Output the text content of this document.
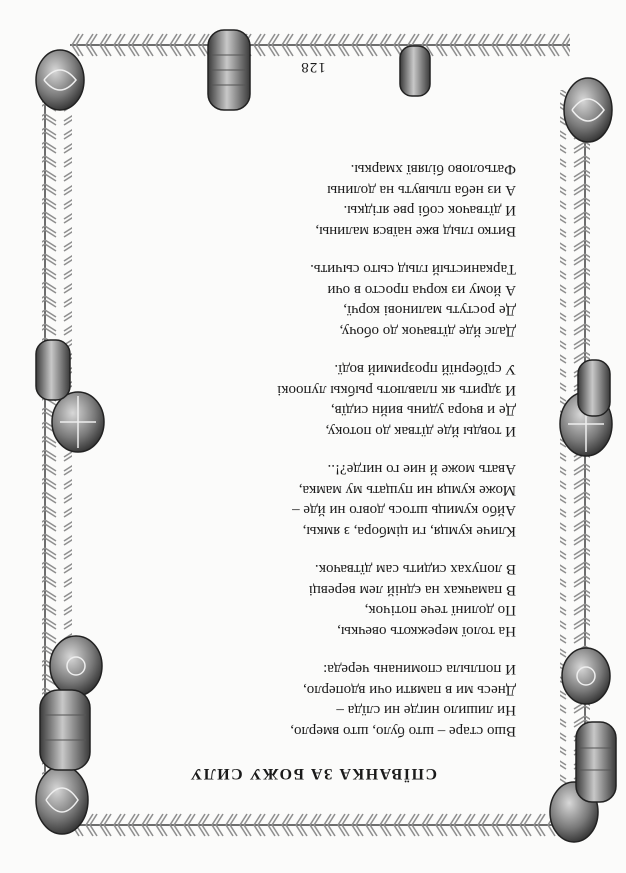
СПЇВАНКА ЗА БОЖУ СИЛУ
Вшо старе – што було, што вмерло,
Ни лишило нигде ни слїда –
Днесь ми в памяти очи вдоперло,
И поплыла споминань череда:
На толої мережкоть овечкы,
По долинї тече потічок,
В памачках на єдній лем веревці
В лопухах сидить сам дїтвачок.
Кличе кумця, ги цімбора, з ямкы,
Айбо кумиць штось довго ни йде –
Може кумця ни пущать му мамка,
Авать може й ние го нигде?!..
И товды йде дїтвак до потоку,
Де и вчора удинь вийн сидїв,
И здрить як плавлють рыбкы лупоокі
У срїбернїй прозримий водї.
Далє йде дїтвачок до обочу,
Де ростуть малинові корчї,
А йому из корча просто в очи
Тарканистый глыд сыто сычить.
Витко глыд вже наївся малины,
И дїтвачок собі рве ягідкы.
А из неба плывуть на долины
Фатьолово білявї хмаркы.
128
